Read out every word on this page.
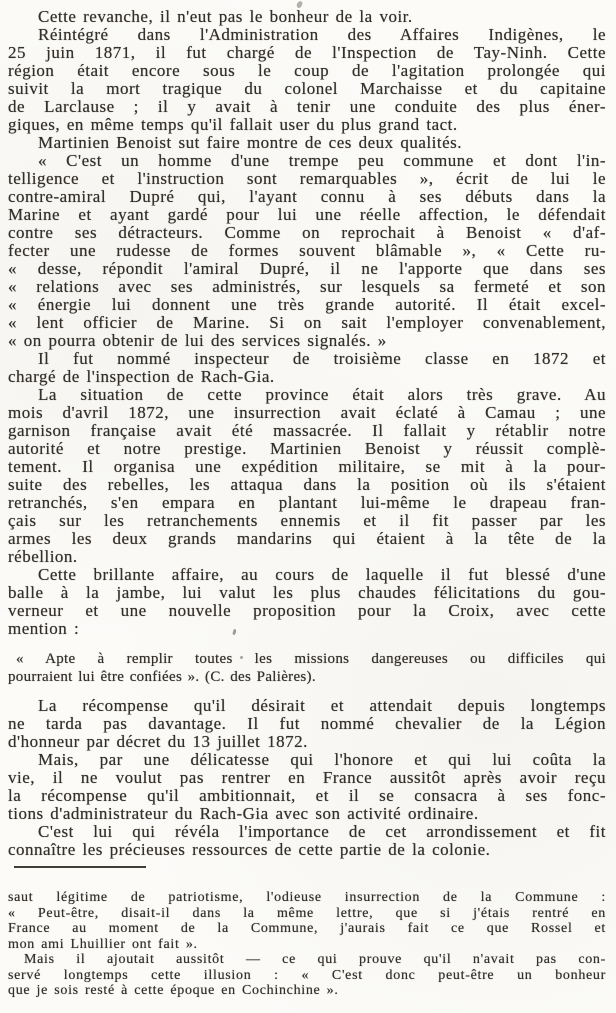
Cette revanche, il n'eut pas le bonheur de la voir.

Réintégré dans l'Administration des Affaires Indigènes, le
25 juin 1871, il fut chargé de l'Inspection de Tay-Ninh. Cette
région était encore sous le coup de l'agitation prolongée qui
suivit la mort tragique du colonel Marchaisse et du capitaine
de Larclause ; il y avait à tenir une conduite des plus éner-
giques, en même temps qu'il fallait user du plus grand tact.

Martinien Benoist sut faire montre de ces deux qualités.

« C'est un homme d'une trempe peu commune et dont l'in-
telligence et l'instruction sont remarquables », écrit de lui le
contre-amiral Dupré qui, l'ayant connu à ses débuts dans la
Marine et ayant gardé pour lui une réelle affection, le défendait
contre ses détracteurs. Comme on reprochait à Benoist « d'af-
fecter une rudesse de formes souvent blâmable », « Cette ru-
« desse, répondit l'amiral Dupré, il ne l'apporte que dans ses
« relations avec ses administrés, sur lesquels sa fermeté et son
« énergie lui donnent une très grande autorité. Il était excel-
« lent officier de Marine. Si on sait l'employer convenablement,
« on pourra obtenir de lui des services signalés. »

Il fut nommé inspecteur de troisième classe en 1872 et
chargé de l'inspection de Rach-Gia.

La situation de cette province était alors très grave. Au
mois d'avril 1872, une insurrection avait éclaté à Camau ; une
garnison française avait été massacrée. Il fallait y rétablir notre
autorité et notre prestige. Martinien Benoist y réussit complè-
tement. Il organisa une expédition militaire, se mit à la pour-
suite des rebelles, les attaqua dans la position où ils s'étaient
retranchés, s'en empara en plantant lui-même le drapeau fran-
çais sur les retranchements ennemis et il fit passer par les
armes les deux grands mandarins qui étaient à la tête de la
rébellion.

Cette brillante affaire, au cours de laquelle il fut blessé d'une
balle à la jambe, lui valut les plus chaudes félicitations du gou-
verneur et une nouvelle proposition pour la Croix, avec cette
mention :

« Apte à remplir toutes les missions dangereuses ou difficiles qui
pourraient lui être confiées ». (C. des Palières).

La récompense qu'il désirait et attendait depuis longtemps
ne tarda pas davantage. Il fut nommé chevalier de la Légion
d'honneur par décret du 13 juillet 1872.

Mais, par une délicatesse qui l'honore et qui lui coûta la
vie, il ne voulut pas rentrer en France aussitôt après avoir reçu
la récompense qu'il ambitionnait, et il se consacra à ses fonc-
tions d'administrateur du Rach-Gia avec son activité ordinaire.

C'est lui qui révéla l'importance de cet arrondissement et fit
connaître les précieuses ressources de cette partie de la colonie.

saut légitime de patriotisme, l'odieuse insurrection de la Commune :
« Peut-être, disait-il dans la même lettre, que si j'étais rentré en
France au moment de la Commune, j'aurais fait ce que Rossel et
mon ami Lhuillier ont fait ».

Mais il ajoutait aussitôt — ce qui prouve qu'il n'avait pas con-
servé longtemps cette illusion : « C'est donc peut-être un bonheur
que je sois resté à cette époque en Cochinchine ».
